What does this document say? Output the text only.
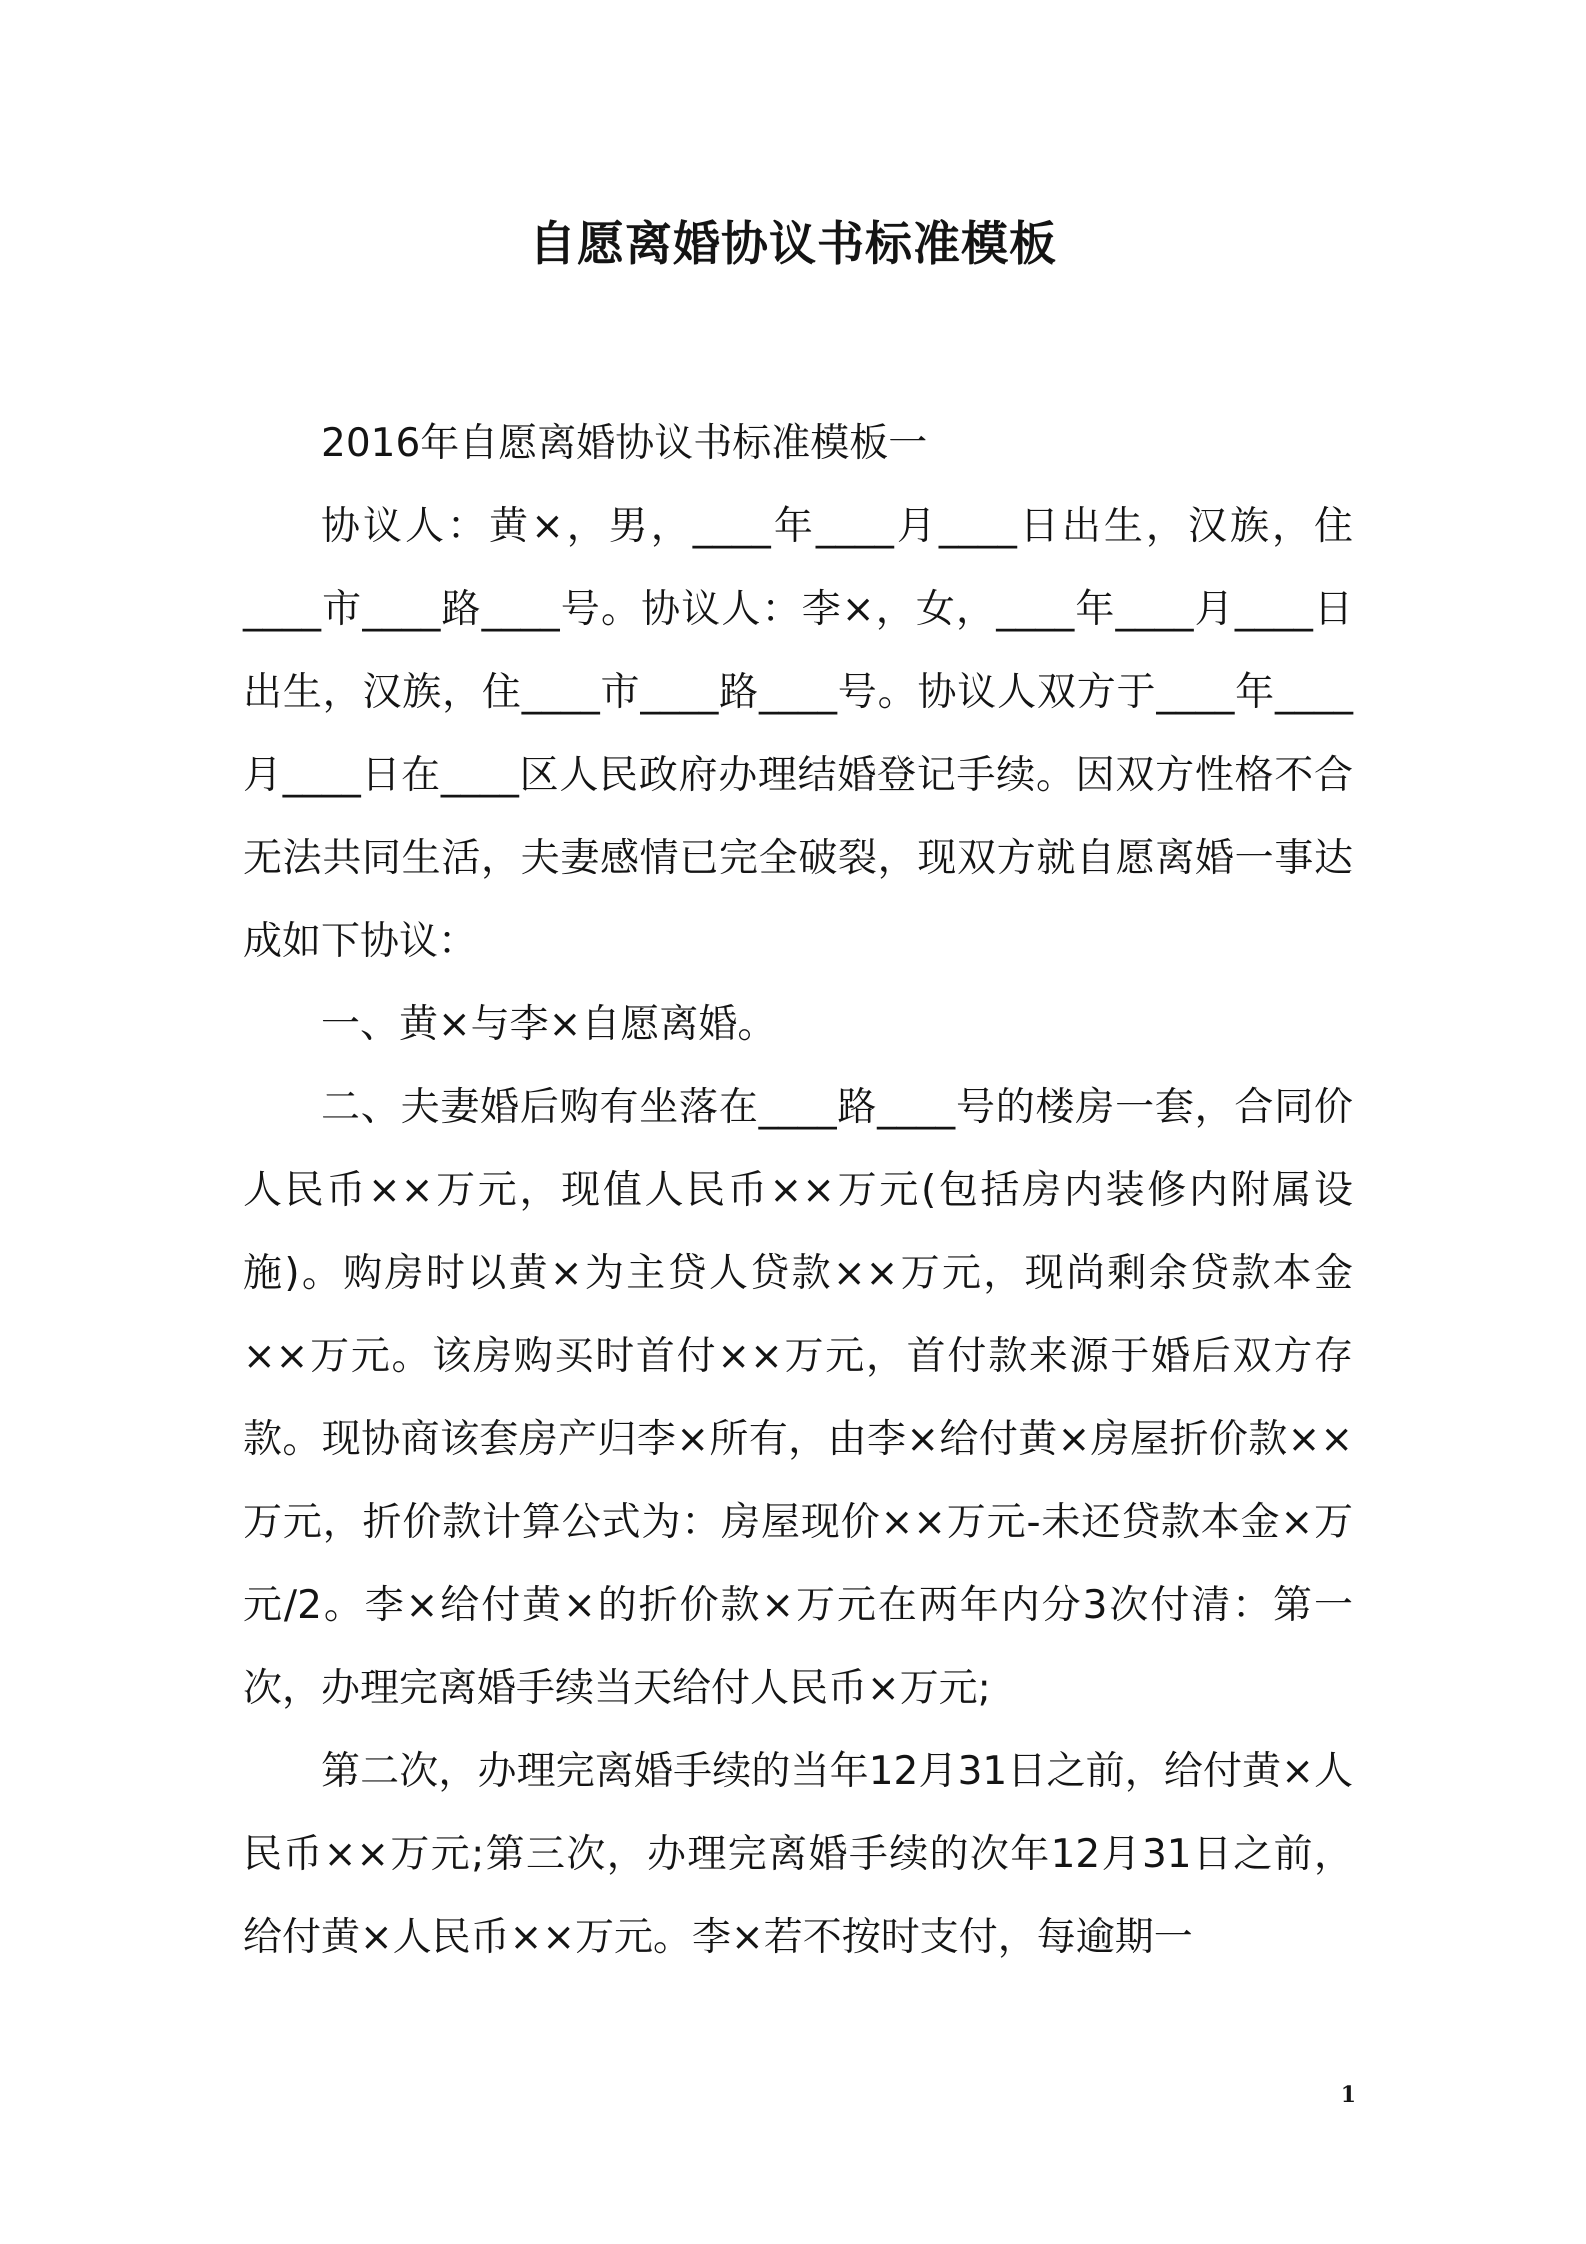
自愿离婚协议书标准模板

2016年自愿离婚协议书标准模板一

协议人：黄×，男，____年____月____日出生，汉族，住____市____路____号。协议人：李×，女，____年____月____日出生，汉族，住____市____路____号。协议人双方于____年____月____日在____区人民政府办理结婚登记手续。因双方性格不合无法共同生活，夫妻感情已完全破裂，现双方就自愿离婚一事达成如下协议：

一、黄×与李×自愿离婚。

二、夫妻婚后购有坐落在____路____号的楼房一套，合同价人民币××万元，现值人民币××万元(包括房内装修内附属设施)。购房时以黄×为主贷人贷款××万元，现尚剩余贷款本金××万元。该房购买时首付××万元，首付款来源于婚后双方存款。现协商该套房产归李×所有，由李×给付黄×房屋折价款××万元，折价款计算公式为：房屋现价××万元-未还贷款本金×万元/2。李×给付黄×的折价款×万元在两年内分3次付清：第一次，办理完离婚手续当天给付人民币×万元;

第二次，办理完离婚手续的当年12月31日之前，给付黄×人民币××万元;第三次，办理完离婚手续的次年12月31日之前，给付黄×人民币××万元。李×若不按时支付，每逾期一

1
